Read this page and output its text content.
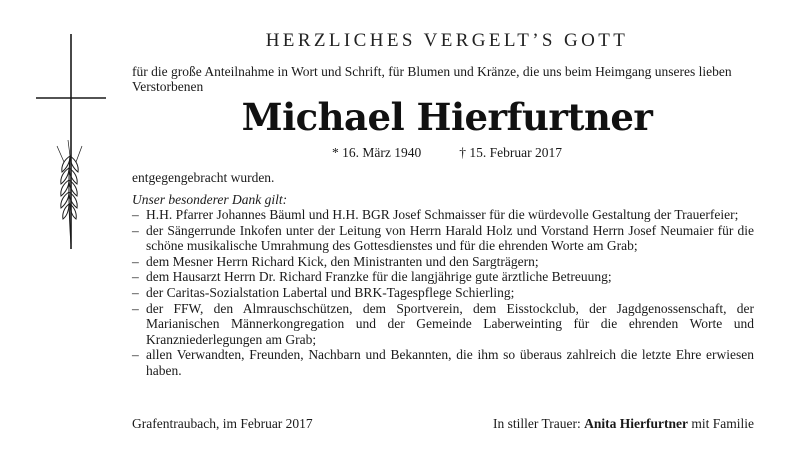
HERZLICHES VERGELT’S GOTT
für die große Anteilnahme in Wort und Schrift, für Blumen und Kränze, die uns beim Heimgang unseres lieben Verstorbenen
Michael Hierfurtner
* 16. März 1940	† 15. Februar 2017
entgegengebracht wurden.
Unser besonderer Dank gilt:
– H.H. Pfarrer Johannes Bäuml und H.H. BGR Josef Schmaisser für die würdevolle Gestaltung der Trauerfeier;
– der Sängerrunde Inkofen unter der Leitung von Herrn Harald Holz und Vorstand Herrn Josef Neumaier für die schöne musikalische Umrahmung des Gottesdienstes und für die ehrenden Worte am Grab;
– dem Mesner Herrn Richard Kick, den Ministranten und den Sargträgern;
– dem Hausarzt Herrn Dr. Richard Franzke für die langjährige gute ärztliche Betreuung;
– der Caritas-Sozialstation Labertal und BRK-Tagespflege Schierling;
– der FFW, den Almrauschschützen, dem Sportverein, dem Eisstockclub, der Jagdgenossenschaft, der Marianischen Männerkongregation und der Gemeinde Laberweinting für die ehrenden Worte und Kranzniederlegungen am Grab;
– allen Verwandten, Freunden, Nachbarn und Bekannten, die ihm so überaus zahlreich die letzte Ehre erwiesen haben.
Grafentraubach, im Februar 2017	In stiller Trauer: Anita Hierfurtner mit Familie
